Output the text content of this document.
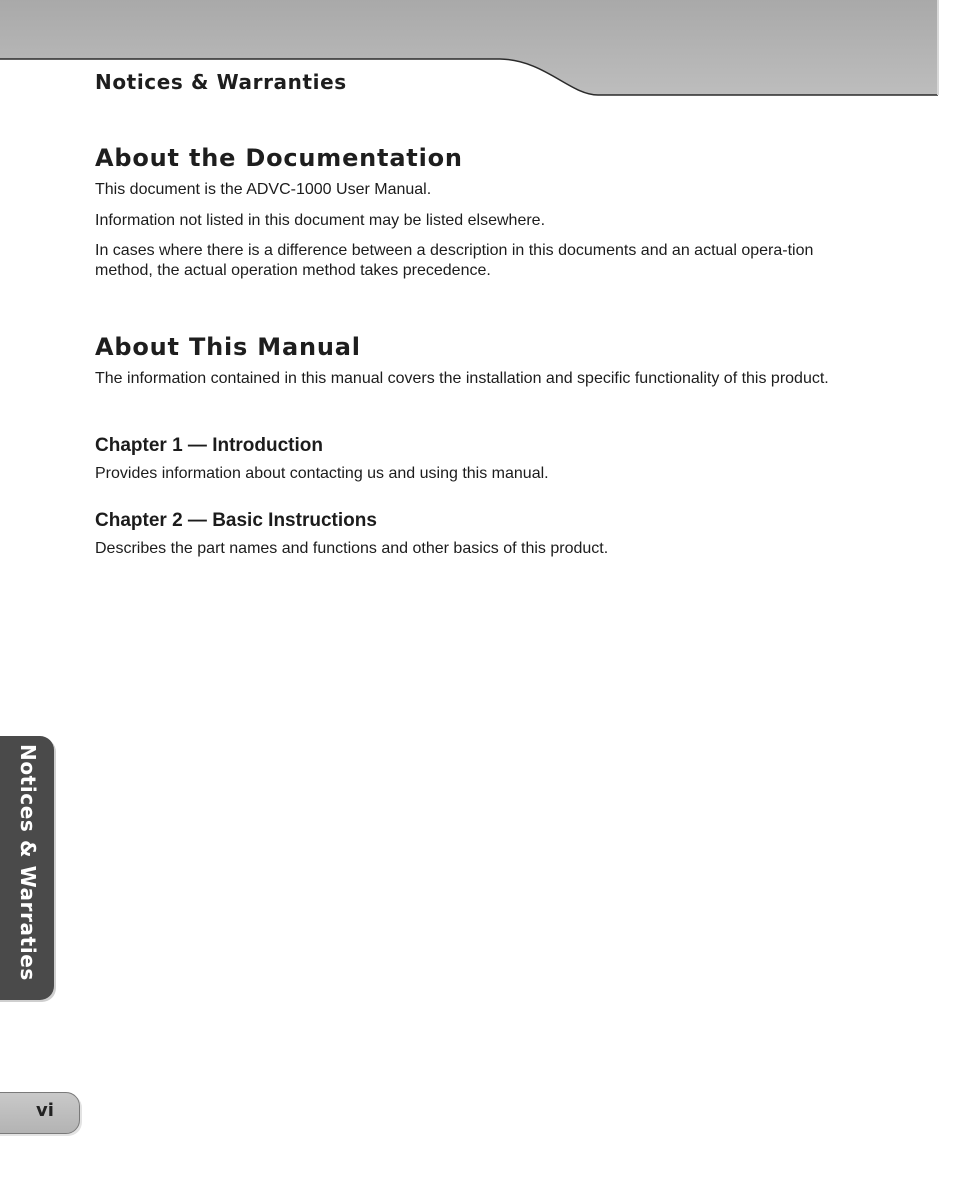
Notices & Warranties
About the Documentation

This document is the ADVC-1000 User Manual.

Information not listed in this document may be listed elsewhere.

In cases where there is a difference between a description in this documents and an actual opera-tion method, the actual operation method takes precedence.

About This Manual

The information contained in this manual covers the installation and specific functionality of this product.

Chapter 1 — Introduction

Provides information about contacting us and using this manual.

Chapter 2 — Basic Instructions

Describes the part names and functions and other basics of this product.

Notices & Warraties
vi
